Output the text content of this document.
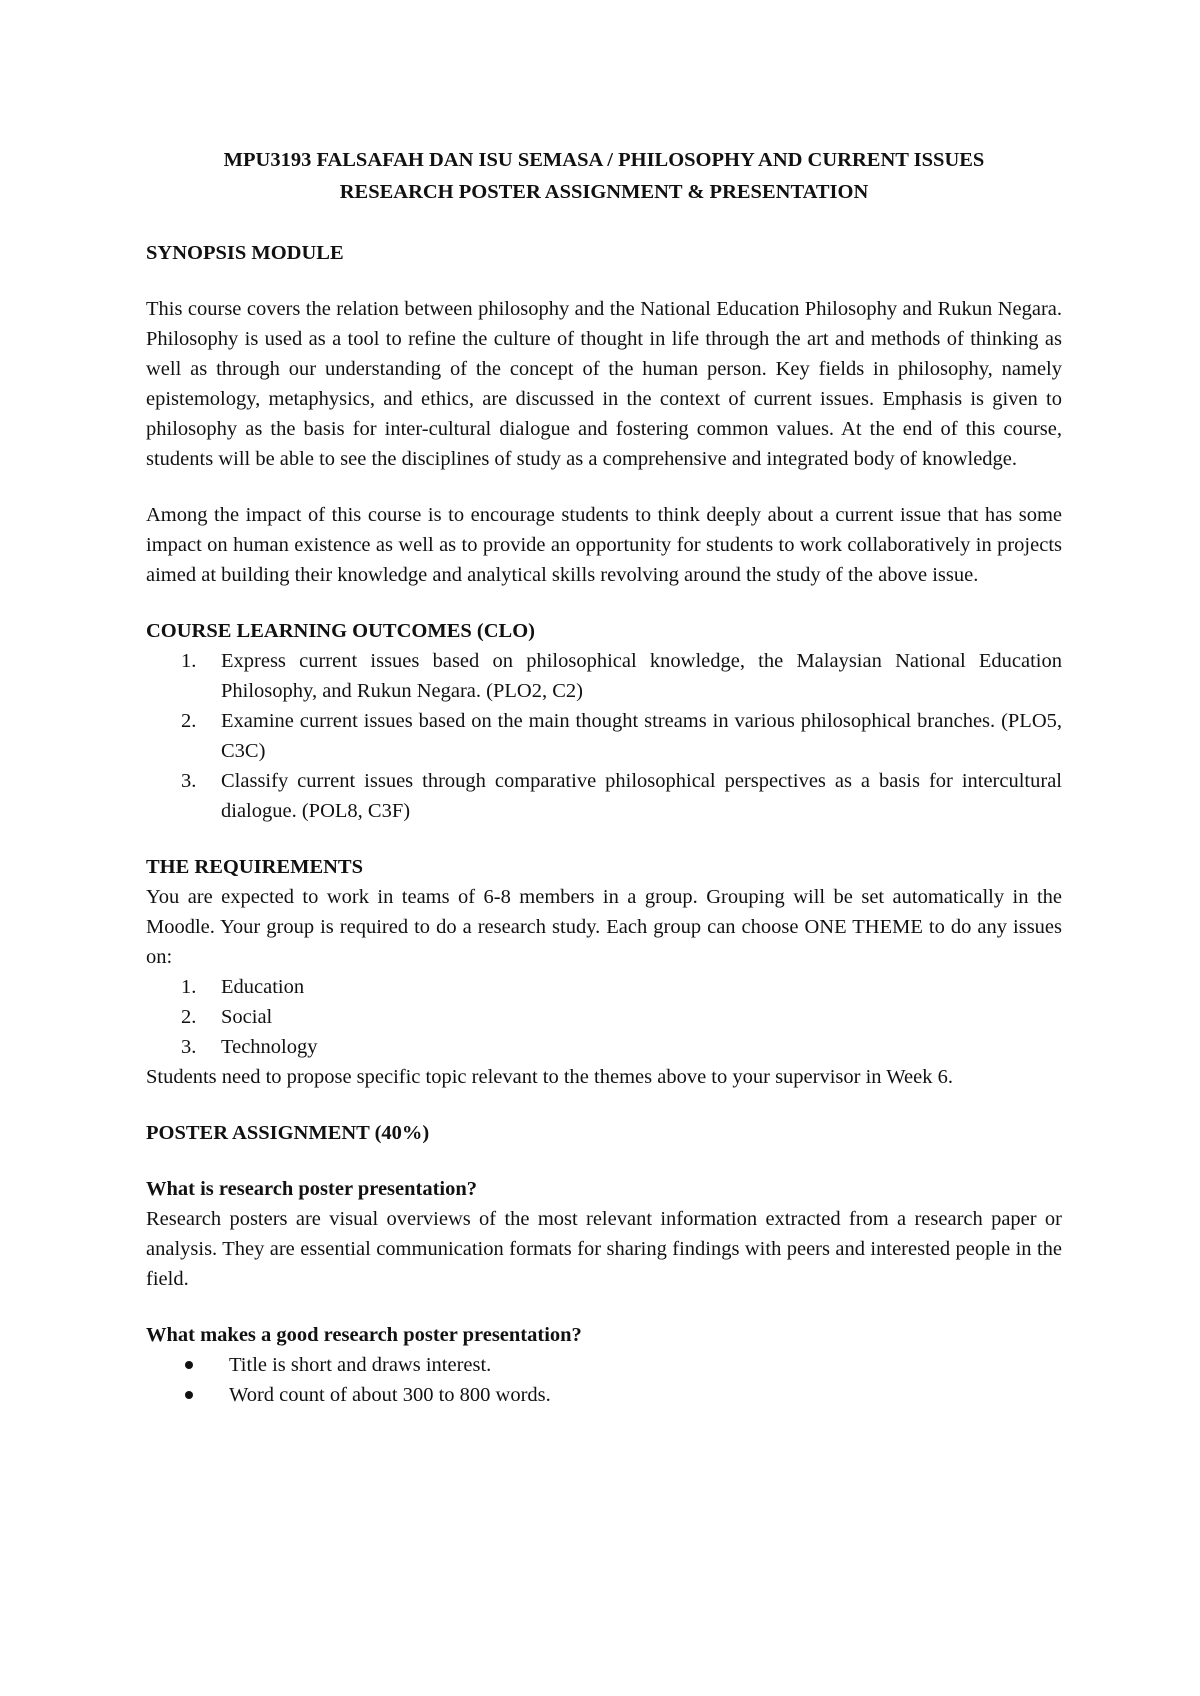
MPU3193 FALSAFAH DAN ISU SEMASA / PHILOSOPHY AND CURRENT ISSUES

RESEARCH POSTER ASSIGNMENT & PRESENTATION

SYNOPSIS MODULE

This course covers the relation between philosophy and the National Education Philosophy and Rukun Negara. Philosophy is used as a tool to refine the culture of thought in life through the art and methods of thinking as well as through our understanding of the concept of the human person. Key fields in philosophy, namely epistemology, metaphysics, and ethics, are discussed in the context of current issues. Emphasis is given to philosophy as the basis for inter-cultural dialogue and fostering common values. At the end of this course, students will be able to see the disciplines of study as a comprehensive and integrated body of knowledge.

Among the impact of this course is to encourage students to think deeply about a current issue that has some impact on human existence as well as to provide an opportunity for students to work collaboratively in projects aimed at building their knowledge and analytical skills revolving around the study of the above issue.

COURSE LEARNING OUTCOMES (CLO)

1.	Express current issues based on philosophical knowledge, the Malaysian National Education Philosophy, and Rukun Negara. (PLO2, C2)
2.	Examine current issues based on the main thought streams in various philosophical branches. (PLO5, C3C)
3.	Classify current issues through comparative philosophical perspectives as a basis for intercultural dialogue. (POL8, C3F)

THE REQUIREMENTS

You are expected to work in teams of 6-8 members in a group. Grouping will be set automatically in the Moodle. Your group is required to do a research study. Each group can choose ONE THEME to do any issues on:

1.	Education
2.	Social
3.	Technology

Students need to propose specific topic relevant to the themes above to your supervisor in Week 6.

POSTER ASSIGNMENT (40%)

What is research poster presentation?

Research posters are visual overviews of the most relevant information extracted from a research paper or analysis. They are essential communication formats for sharing findings with peers and interested people in the field.

What makes a good research poster presentation?

Title is short and draws interest.
Word count of about 300 to 800 words.
